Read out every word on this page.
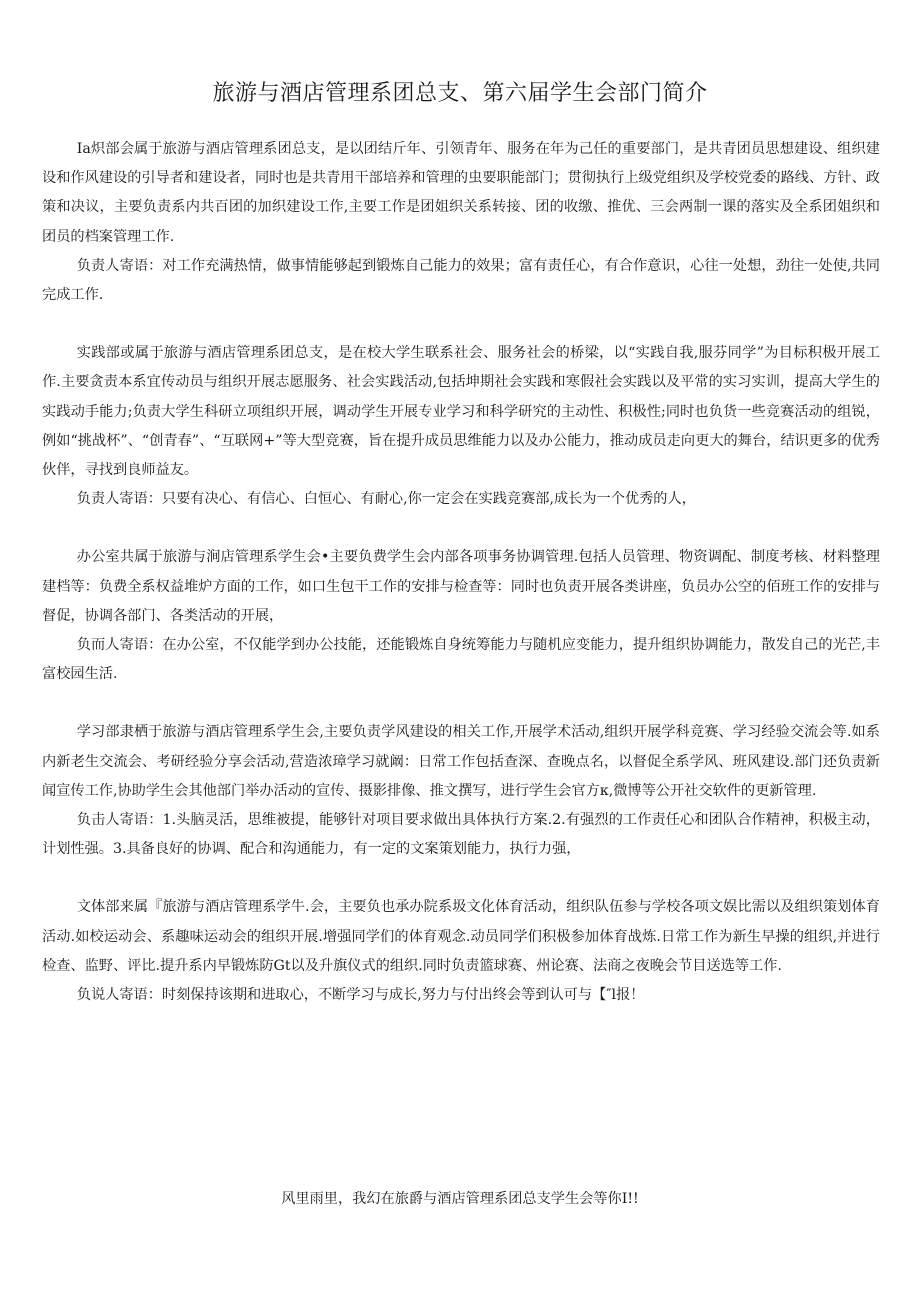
旅游与酒店管理系团总支、第六届学生会部门简介

Ia炽部会属于旅游与酒店管理系团总支，是以团结斤年、引领青年、服务在年为己任的重要部门，是共青团员思想建设、组织建设和作风建设的引导者和建设者，同时也是共青用干部培养和管理的虫要职能部门；贯彻执行上级党组织及学校党委的路线、方针、政策和决议，主要负责系内共百团的加织建设工作,主要工作是团姐织关系转接、团的收缴、推优、三会两制一课的落实及全系团姐织和团员的档案管理工作.

负责人寄语：对工作充满热情，做事情能够起到锻炼自己能力的效果；富有责任心，有合作意识，心往一处想，劲往一处使,共同完成工作.

实践部或属于旅游与酒店管理系团总支，是在校大学生联系社会、服务社会的桥梁，以“实践自我,服芬同学”为目标积极开展工作.主要贪责本系宜传动员与组织开展志愿服务、社会实践活动,包括坤期社会实践和寒假社会实践以及平常的实习实训，提高大学生的实践动手能力;负责大学生科研立项组织开展，调动学生开展专业学习和科学研究的主动性、积极性;同时也负货一些竞赛活动的组锐，例如“挑战杯”、“创青春”、“互联网+”等大型竞赛，旨在提升成员思维能力以及办公能力，推动成员走向更大的舞台，结识更多的优秀伙伴，寻找到良师益友。

负责人寄语：只要有决心、有信心、白恒心、有耐心,你一定会在实践竞赛部,成长为一个优秀的人，

办公室共属于旅游与涧店管理系学生会•主要负费学生会内部各项事务协调管理.包括人员管理、物资调配、制度考核、材料整理建档等：负费全系权益堆炉方面的工作，如口生包干工作的安排与检查等：同时也负责开展各类讲座，负员办公空的佰班工作的安排与督促，协调各部门、各类活动的开展，

负而人寄语：在办公室，不仅能学到办公技能，还能锻炼自身统筹能力与随机应变能力，提升组织协调能力，散发自己的光芒,丰富校园生活.

学习部隶栖于旅游与酒店管理系学生会,主要负责学风建设的相关工作,开展学术活动,组织开展学科竞赛、学习经验交流会等.如系内新老生交流会、考研经验分享会活动,营造浓璋学习就阚：日常工作包括查深、查晚点名，以督促全系学风、班风建设.部门还负责新闻宣传工作,协助学生会其他部门举办活动的宣传、摄影排像、推文撰写，进行学生会官方κ,微博等公开社交软件的更新管理.

负击人寄语：1.头脑灵活，思维被提，能够针对项目要求做出具体执行方案.2.有强烈的工作责任心和团队合作精神，积极主动，计划性强。3.具备良好的协调、配合和沟通能力，有一定的文案策划能力，执行力强，

文体部来属『旅游与酒店管理系学牛.会，主要负也承办院系圾文化体育活动，组织队伍参与学校各项文娱比需以及组织策划体育活动.如校运动会、系趣味运动会的组织开展.增强同学们的体育观念.动员同学们积极参加体育战炼.日常工作为新生早操的组织,并进行检查、监野、评比.提升系内早锻炼防Gt以及升旗仪式的组织.同时负责篮球赛、州论赛、法商之夜晚会节目送选等工作.

负说人寄语：时刻保持该期和进取心，不断学习与成长,努力与付出终会等到认可与【″l报！

风里雨里，我幻在旅爵与酒店管理系团总支学生会等你I!!
